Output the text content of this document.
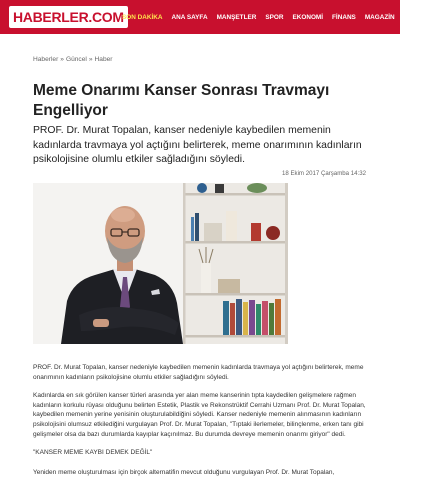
HABERLER.COM
SON DAKİKA ANA SAYFA MANŞETLER SPOR EKONOMİ FİNANS MAGAZİN DÜNYA
Haberler » Güncel » Haber
Meme Onarımı Kanser Sonrası Travmayı Engelliyor

PROF. Dr. Murat Topalan, kanser nedeniyle kaybedilen memenin kadınlarda travmaya yol açtığını belirterek, meme onarımının kadınların psikolojisine olumlu etkiler sağladığını söyledi.

18 Ekim 2017 Çarşamba 14:32

PROF. Dr. Murat Topalan, kanser nedeniyle kaybedilen memenin kadınlarda travmaya yol açtığını belirterek, meme onarımının kadınların psikolojisine olumlu etkiler sağladığını söyledi.

Kadınlarda en sık görülen kanser türleri arasında yer alan meme kanserinin tıpta kaydedilen gelişmelere rağmen kadınların korkulu rüyası olduğunu belirten Estetik, Plastik ve Rekonstrüktif Cerrahi Uzmanı Prof. Dr. Murat Topalan, kaybedilen memenin yerine yenisinin oluşturulabildiğini söyledi. Kanser nedeniyle memenin alınmasının kadınların psikolojisini olumsuz etkilediğini vurgulayan Prof. Dr. Murat Topalan, "Tıptaki ilerlemeler, bilinçlenme, erken tanı gibi gelişmeler olsa da bazı durumlarda kayıplar kaçınılmaz. Bu durumda devreye memenin onarımı giriyor" dedi.

"KANSER MEME KAYBI DEMEK DEĞİL"

Yeniden meme oluşturulması için birçok alternatifin mevcut olduğunu vurgulayan Prof. Dr. Murat Topalan,
